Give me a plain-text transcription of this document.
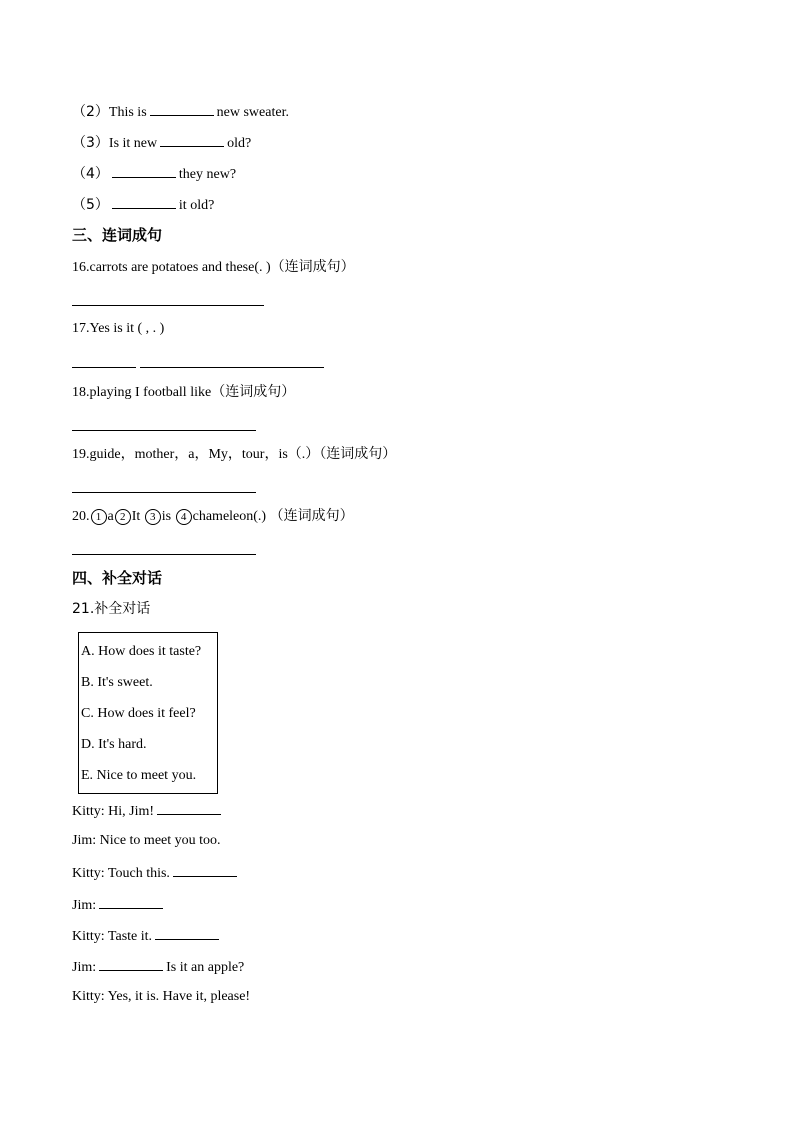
（2）This is	new sweater.
（3）Is it new	old?
（4）	they new?
（5）	it old?
三、连词成句
16.carrots are potatoes and these(. )（连词成句）
17.Yes is it ( , . )
18.playing I football like（连词成句）
19.guide，mother，a，My，tour，is（.）（连词成句）
20. 1 a 2 It 3 is 4 chameleon(.) （连词成句）
四、补全对话
21.补全对话
A. How does it taste?
B. It's sweet.
C. How does it feel?
D. It's hard.
E. Nice to meet you.
Kitty: Hi, Jim!
Jim: Nice to meet you too.
Kitty: Touch this.
Jim:
Kitty: Taste it.
Jim:	Is it an apple?
Kitty: Yes, it is. Have it, please!
